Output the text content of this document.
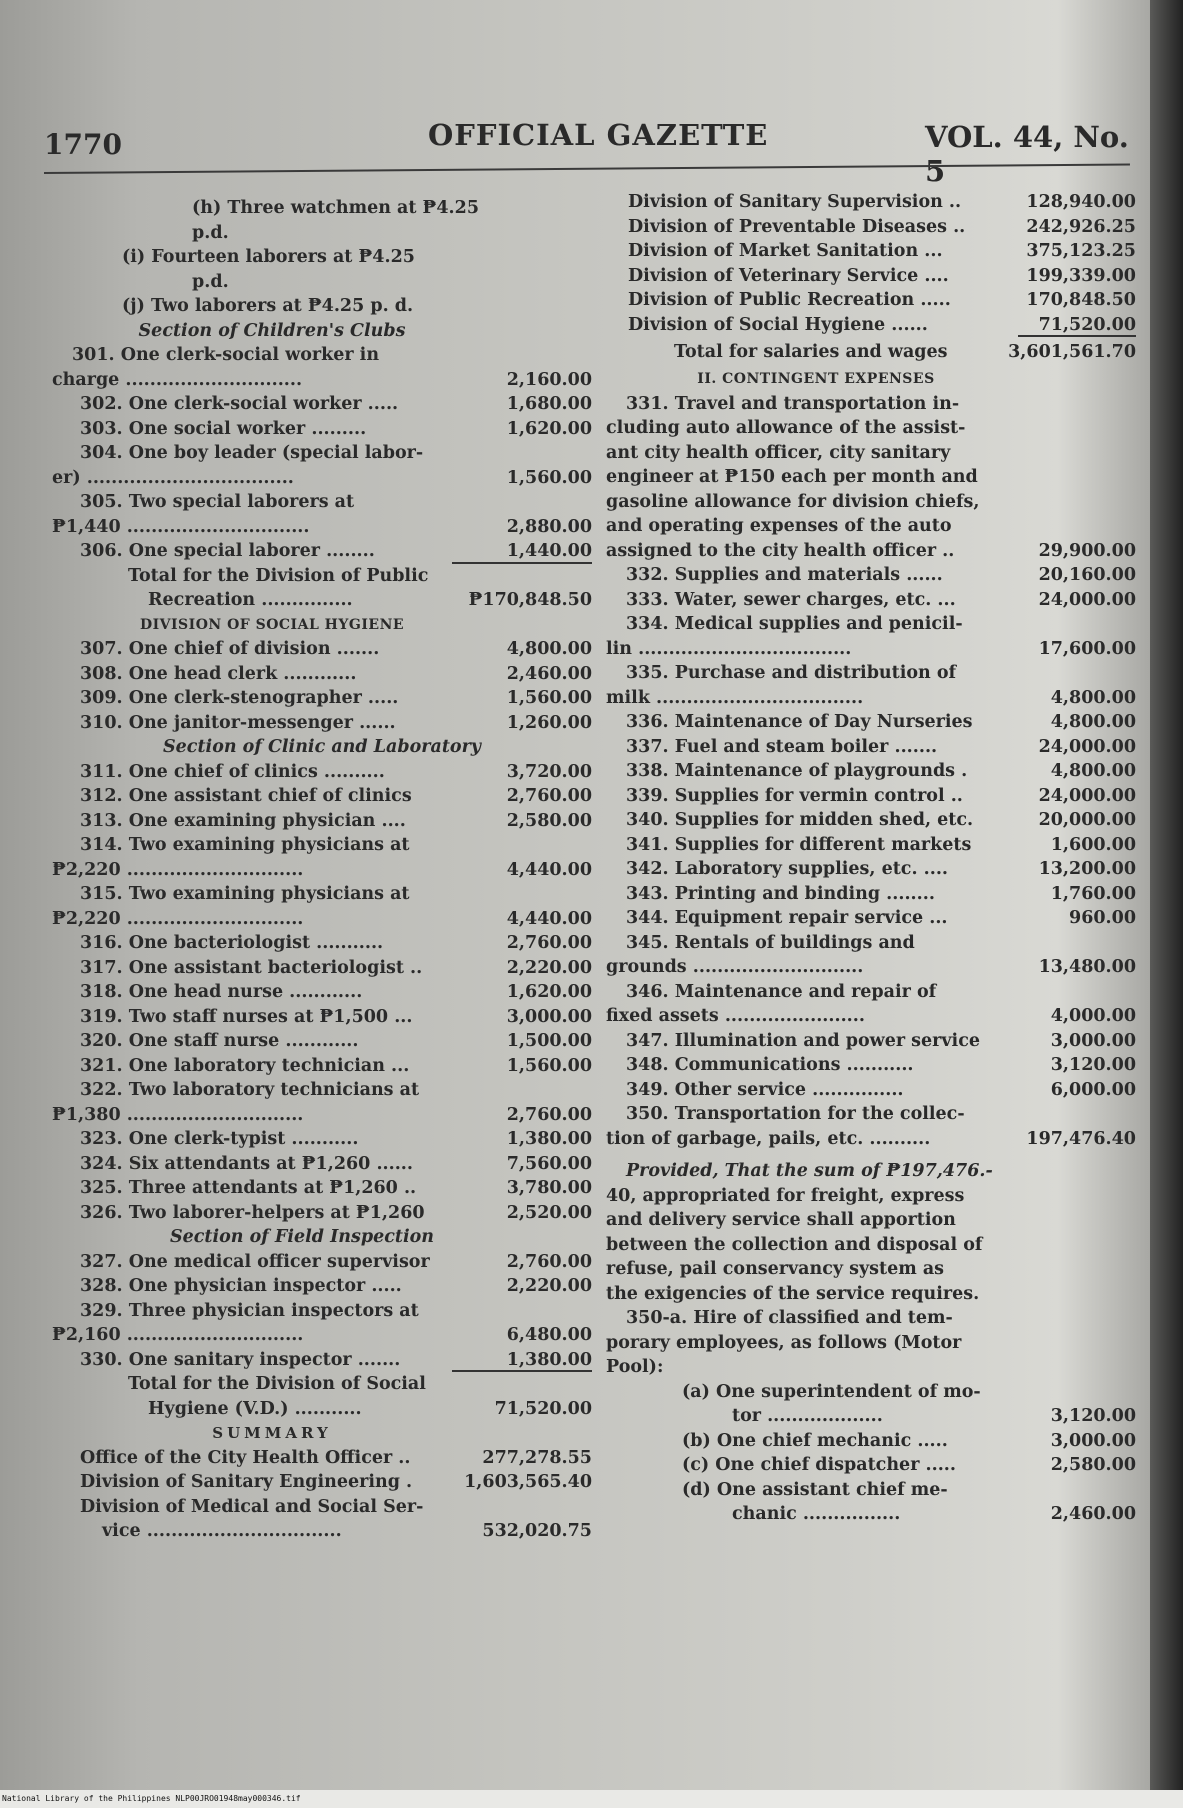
1770	OFFICIAL GAZETTE	VOL. 44, No. 5
(h) Three watchmen at ₱4.25
p.d.
(i) Fourteen laborers at ₱4.25
p.d.
(j) Two laborers at ₱4.25 p. d.
Section of Children's Clubs
301. One clerk-social worker in
charge .............................	2,160.00
302. One clerk-social worker .....	1,680.00
303. One social worker .........	1,620.00
304. One boy leader (special labor-
er) ..................................	1,560.00
305. Two special laborers at
₱1,440 ..............................	2,880.00
306. One special laborer ........	1,440.00
Total for the Division of Public
Recreation ...............	₱170,848.50
DIVISION OF SOCIAL HYGIENE
307. One chief of division .......	4,800.00
308. One head clerk ............	2,460.00
309. One clerk-stenographer .....	1,560.00
310. One janitor-messenger ......	1,260.00
Section of Clinic and Laboratory
311. One chief of clinics ..........	3,720.00
312. One assistant chief of clinics	2,760.00
313. One examining physician ....	2,580.00
314. Two examining physicians at
₱2,220 .............................	4,440.00
315. Two examining physicians at
₱2,220 .............................	4,440.00
316. One bacteriologist ...........	2,760.00
317. One assistant bacteriologist ..	2,220.00
318. One head nurse ............	1,620.00
319. Two staff nurses at ₱1,500 ...	3,000.00
320. One staff nurse ............	1,500.00
321. One laboratory technician ...	1,560.00
322. Two laboratory technicians at
₱1,380 .............................	2,760.00
323. One clerk-typist ...........	1,380.00
324. Six attendants at ₱1,260 ......	7,560.00
325. Three attendants at ₱1,260 ..	3,780.00
326. Two laborer-helpers at ₱1,260	2,520.00
Section of Field Inspection
327. One medical officer supervisor	2,760.00
328. One physician inspector .....	2,220.00
329. Three physician inspectors at
₱2,160 .............................	6,480.00
330. One sanitary inspector .......	1,380.00
Total for the Division of Social
Hygiene (V.D.) ...........	71,520.00
SUMMARY
Office of the City Health Officer ..	277,278.55
Division of Sanitary Engineering .	1,603,565.40
Division of Medical and Social Ser-
vice ................................	532,020.75
Division of Sanitary Supervision ..	128,940.00
Division of Preventable Diseases ..	242,926.25
Division of Market Sanitation ...	375,123.25
Division of Veterinary Service ....	199,339.00
Division of Public Recreation .....	170,848.50
Division of Social Hygiene ......	71,520.00
Total for salaries and wages	3,601,561.70
II. CONTINGENT EXPENSES
331. Travel and transportation in-
cluding auto allowance of the assist-
ant city health officer, city sanitary
engineer at ₱150 each per month and
gasoline allowance for division chiefs,
and operating expenses of the auto
assigned to the city health officer ..	29,900.00
332. Supplies and materials ......	20,160.00
333. Water, sewer charges, etc. ...	24,000.00
334. Medical supplies and penicil-
lin ...................................	17,600.00
335. Purchase and distribution of
milk ..................................	4,800.00
336. Maintenance of Day Nurseries	4,800.00
337. Fuel and steam boiler .......	24,000.00
338. Maintenance of playgrounds .	4,800.00
339. Supplies for vermin control ..	24,000.00
340. Supplies for midden shed, etc.	20,000.00
341. Supplies for different markets	1,600.00
342. Laboratory supplies, etc. ....	13,200.00
343. Printing and binding ........	1,760.00
344. Equipment repair service ...	960.00
345. Rentals of buildings and
grounds ............................	13,480.00
346. Maintenance and repair of
fixed assets .......................	4,000.00
347. Illumination and power service	3,000.00
348. Communications ...........	3,120.00
349. Other service ...............	6,000.00
350. Transportation for the collec-
tion of garbage, pails, etc. ..........	197,476.40
Provided, That the sum of ₱197,476.-
40, appropriated for freight, express
and delivery service shall apportion
between the collection and disposal of
refuse, pail conservancy system as
the exigencies of the service requires.
350-a. Hire of classified and tem-
porary employees, as follows (Motor
Pool):
(a) One superintendent of mo-
tor ...................	3,120.00
(b) One chief mechanic .....	3,000.00
(c) One chief dispatcher .....	2,580.00
(d) One assistant chief me-
chanic ................	2,460.00
National Library of the Philippines NLP00JRO01948may000346.tif
